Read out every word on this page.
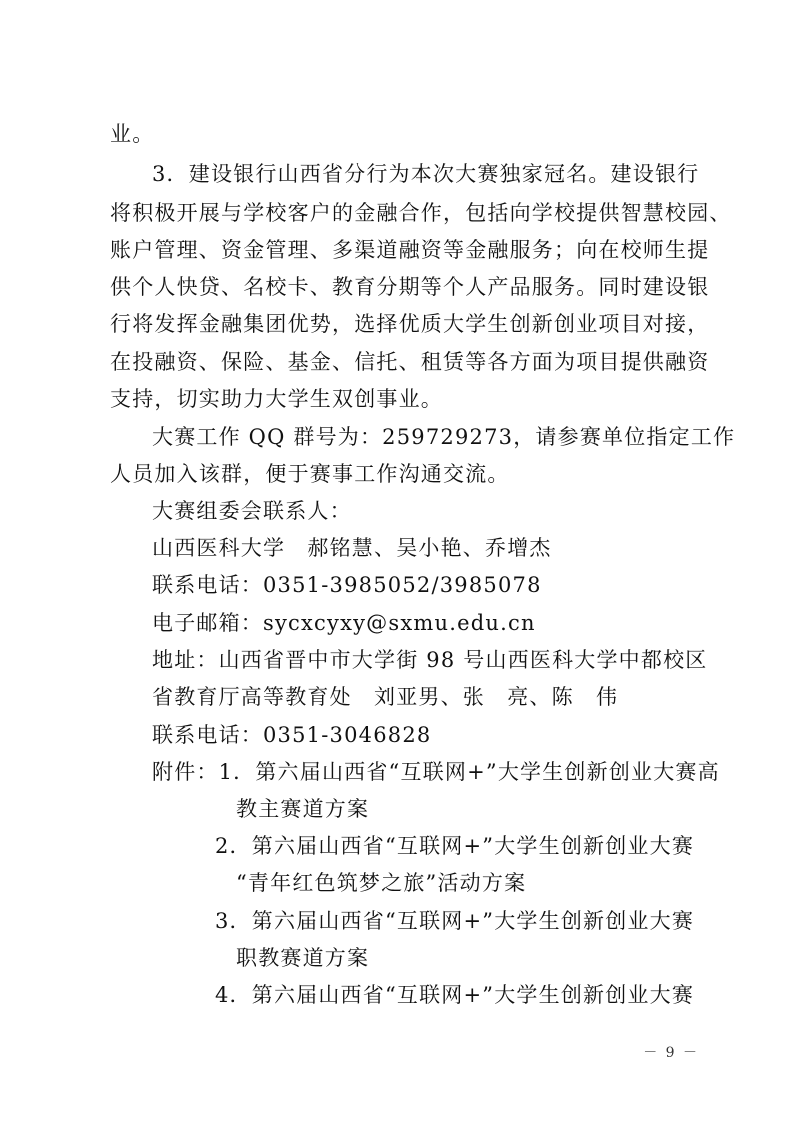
业。
3．建设银行山西省分行为本次大赛独家冠名。建设银行
将积极开展与学校客户的金融合作，包括向学校提供智慧校园、
账户管理、资金管理、多渠道融资等金融服务；向在校师生提
供个人快贷、名校卡、教育分期等个人产品服务。同时建设银
行将发挥金融集团优势，选择优质大学生创新创业项目对接，
在投融资、保险、基金、信托、租赁等各方面为项目提供融资
支持，切实助力大学生双创事业。
大赛工作 QQ 群号为：259729273，请参赛单位指定工作
人员加入该群，便于赛事工作沟通交流。
大赛组委会联系人：
山西医科大学　郝铭慧、吴小艳、乔增杰
联系电话：0351-3985052/3985078
电子邮箱：sycxcyxy@sxmu.edu.cn
地址：山西省晋中市大学街 98 号山西医科大学中都校区
省教育厅高等教育处　刘亚男、张　亮、陈　伟
联系电话：0351-3046828
附件：1．第六届山西省“互联网+”大学生创新创业大赛高
教主赛道方案
2．第六届山西省“互联网+”大学生创新创业大赛
“青年红色筑梦之旅”活动方案
3．第六届山西省“互联网+”大学生创新创业大赛
职教赛道方案
4．第六届山西省“互联网+”大学生创新创业大赛
－ 9 －
